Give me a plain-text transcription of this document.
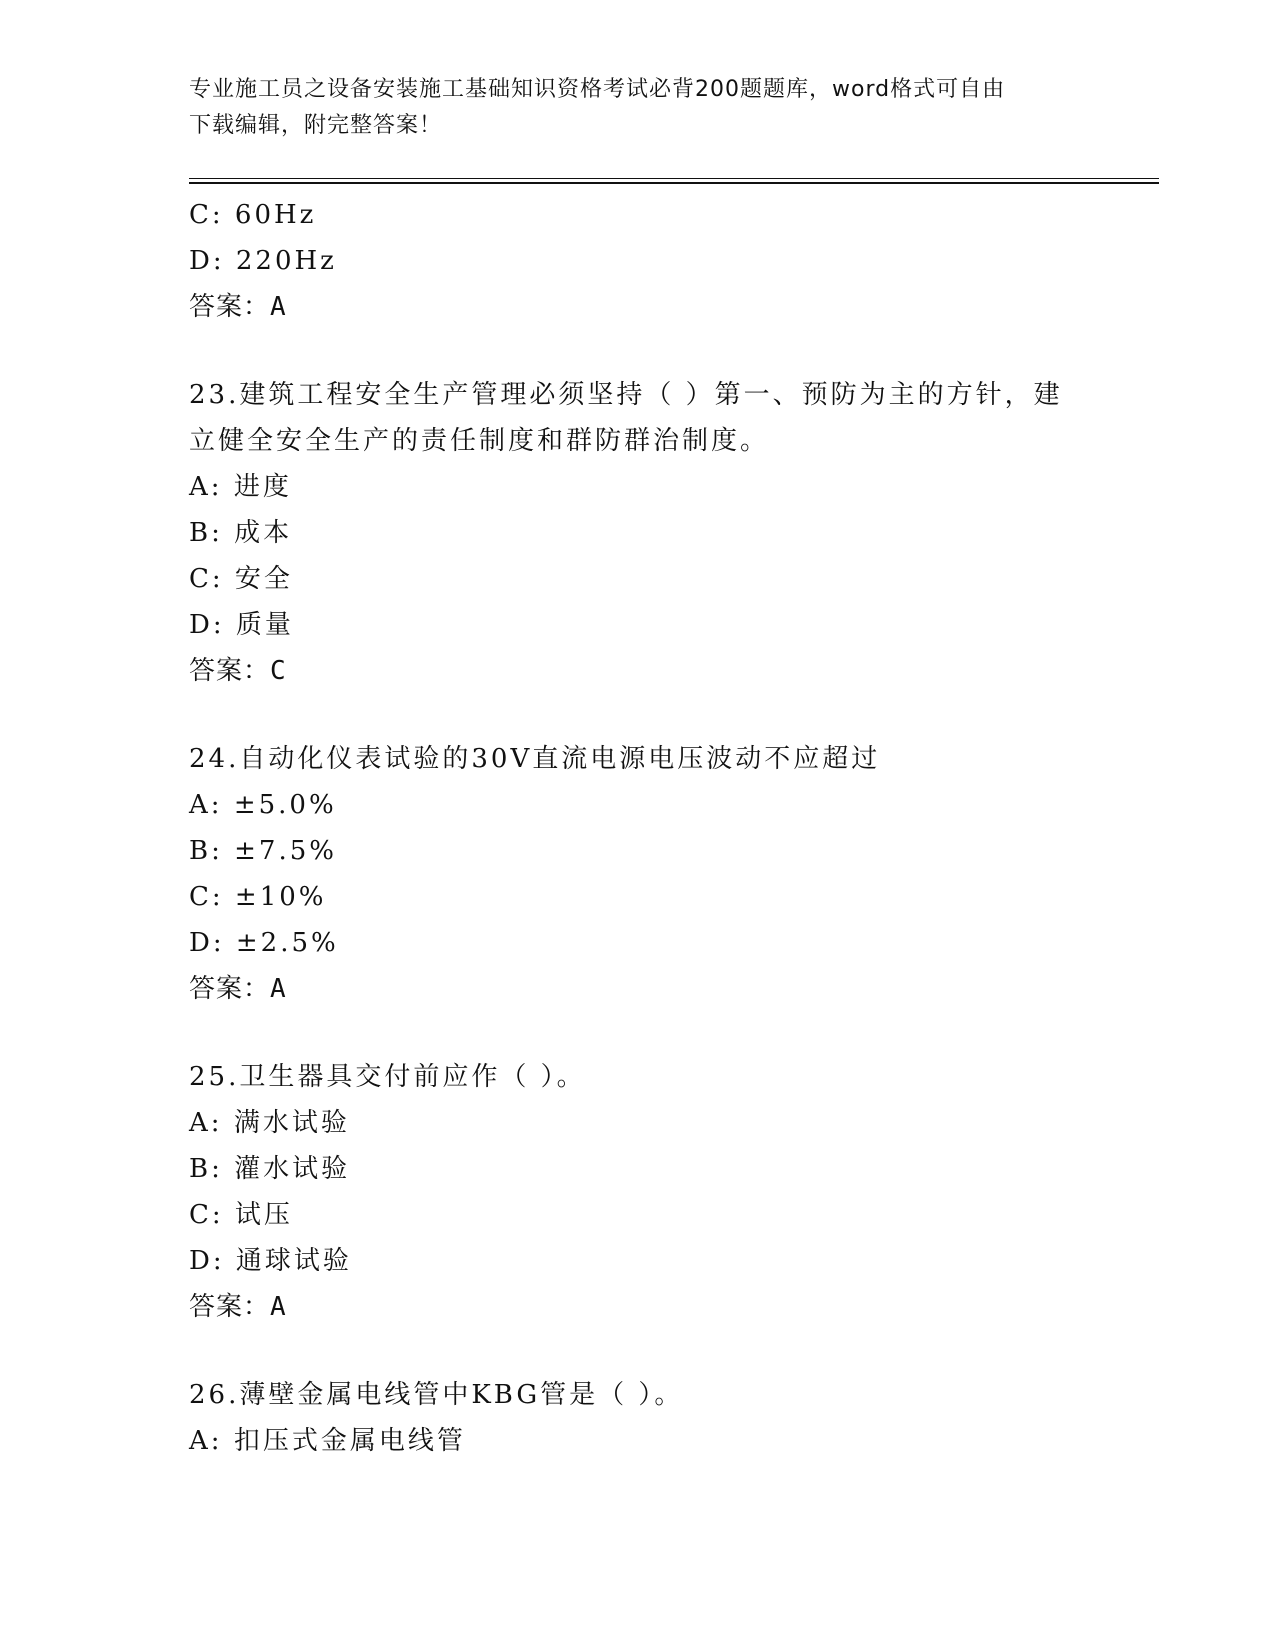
专业施工员之设备安装施工基础知识资格考试必背200题题库，word格式可自由
下载编辑，附完整答案！
C: 60Hz
D: 220Hz
答案：A
23.建筑工程安全生产管理必须坚持（ ）第一、预防为主的方针，建
立健全安全生产的责任制度和群防群治制度。
A: 进度
B: 成本
C: 安全
D: 质量
答案：C
24.自动化仪表试验的30V直流电源电压波动不应超过
A: ±5.0%
B: ±7.5%
C: ±10%
D: ±2.5%
答案：A
25.卫生器具交付前应作（ ）。
A: 满水试验
B: 灌水试验
C: 试压
D: 通球试验
答案：A
26.薄壁金属电线管中KBG管是（ ）。
A: 扣压式金属电线管
